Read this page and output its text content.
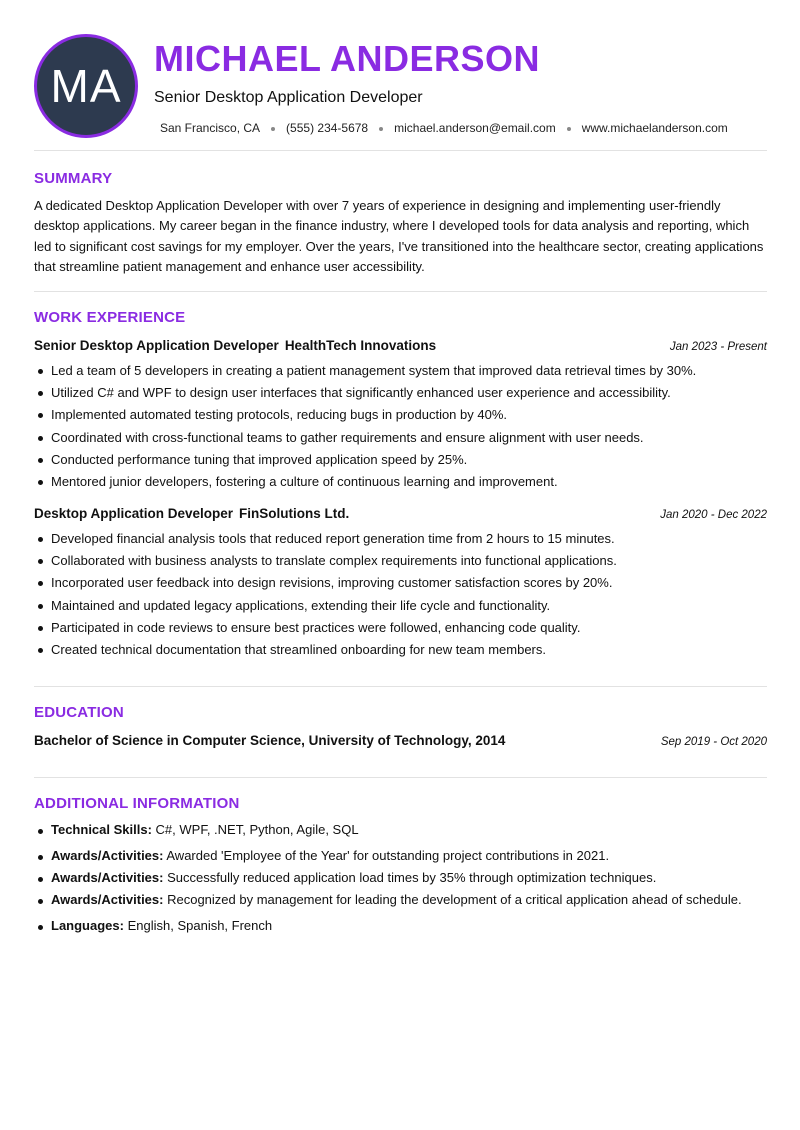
MA
MICHAEL ANDERSON
Senior Desktop Application Developer
San Francisco, CA (555) 234-5678 michael.anderson@email.com www.michaelanderson.com
SUMMARY
A dedicated Desktop Application Developer with over 7 years of experience in designing and implementing user-friendly desktop applications. My career began in the finance industry, where I developed tools for data analysis and reporting, which led to significant cost savings for my employer. Over the years, I've transitioned into the healthcare sector, creating applications that streamline patient management and enhance user accessibility.
WORK EXPERIENCE
Senior Desktop Application Developer HealthTech Innovations	Jan 2023 - Present
Led a team of 5 developers in creating a patient management system that improved data retrieval times by 30%.
Utilized C# and WPF to design user interfaces that significantly enhanced user experience and accessibility.
Implemented automated testing protocols, reducing bugs in production by 40%.
Coordinated with cross-functional teams to gather requirements and ensure alignment with user needs.
Conducted performance tuning that improved application speed by 25%.
Mentored junior developers, fostering a culture of continuous learning and improvement.
Desktop Application Developer FinSolutions Ltd.	Jan 2020 - Dec 2022
Developed financial analysis tools that reduced report generation time from 2 hours to 15 minutes.
Collaborated with business analysts to translate complex requirements into functional applications.
Incorporated user feedback into design revisions, improving customer satisfaction scores by 20%.
Maintained and updated legacy applications, extending their life cycle and functionality.
Participated in code reviews to ensure best practices were followed, enhancing code quality.
Created technical documentation that streamlined onboarding for new team members.
EDUCATION
Bachelor of Science in Computer Science, University of Technology, 2014	Sep 2019 - Oct 2020
ADDITIONAL INFORMATION
Technical Skills: C#, WPF, .NET, Python, Agile, SQL
Awards/Activities: Awarded 'Employee of the Year' for outstanding project contributions in 2021.
Awards/Activities: Successfully reduced application load times by 35% through optimization techniques.
Awards/Activities: Recognized by management for leading the development of a critical application ahead of schedule.
Languages: English, Spanish, French
